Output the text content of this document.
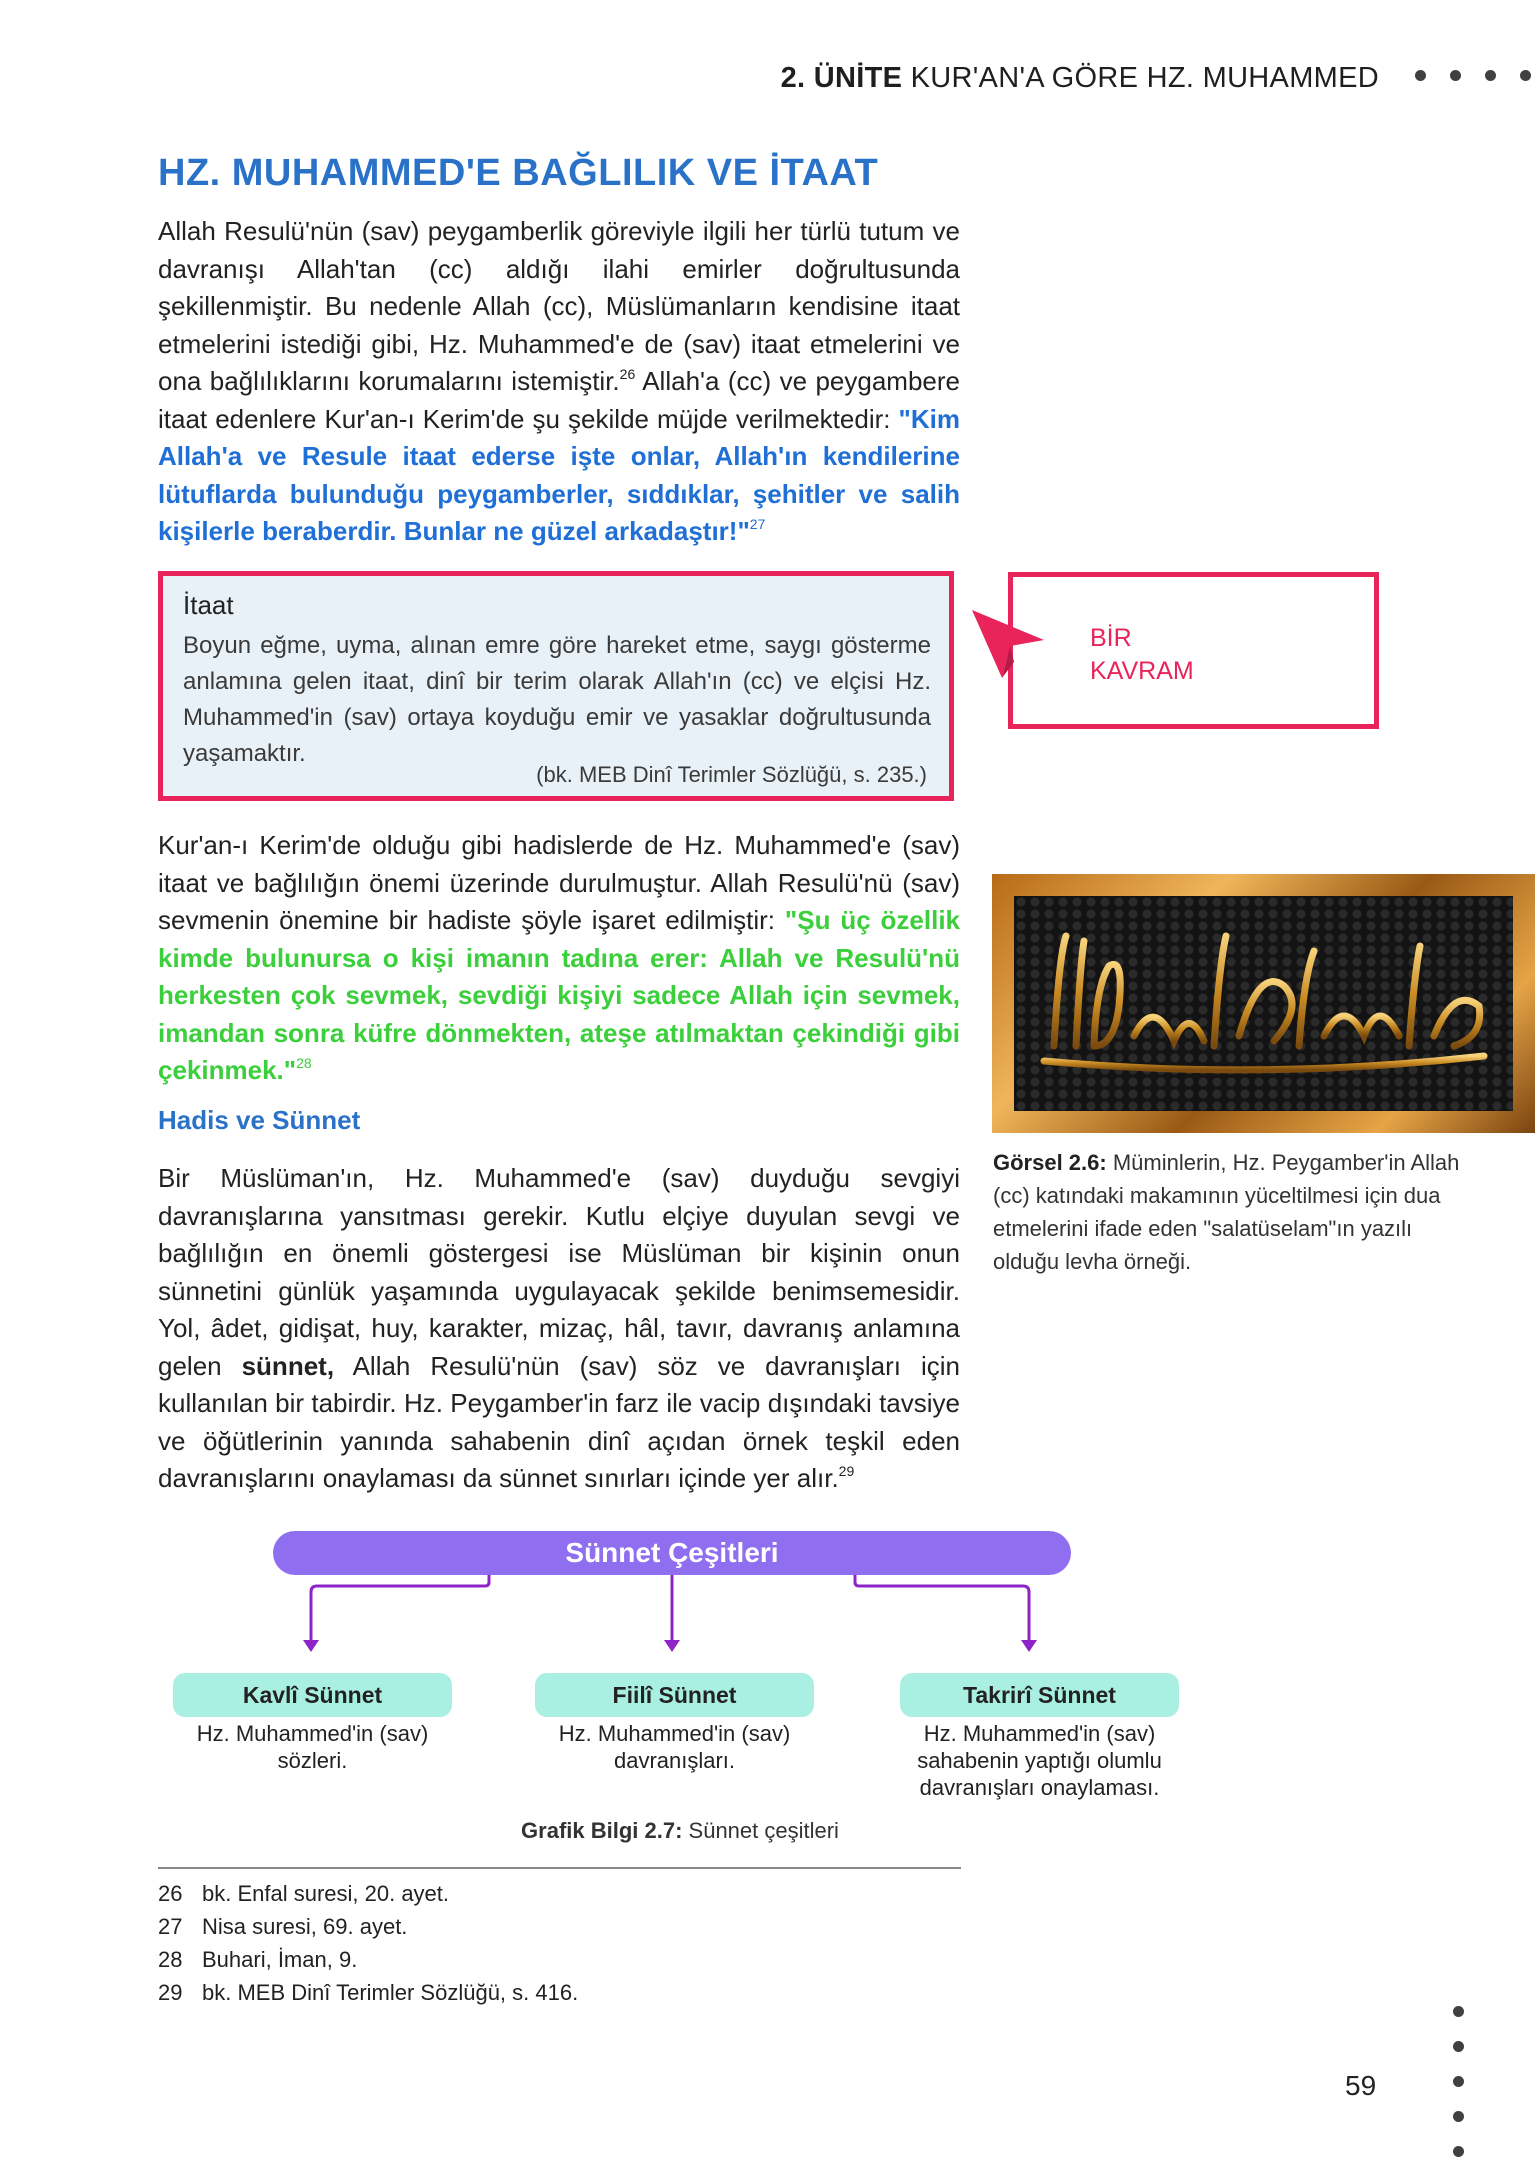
2. ÜNİTE KUR'AN'A GÖRE HZ. MUHAMMED
HZ. MUHAMMED'E BAĞLILIK VE İTAAT

Allah Resulü'nün (sav) peygamberlik göreviyle ilgili her türlü tutum ve davranışı Allah'tan (cc) aldığı ilahi emirler doğrultusunda şekillenmiştir. Bu nedenle Allah (cc), Müslümanların kendisine itaat etmelerini istediği gibi, Hz. Muhammed'e de (sav) itaat etmelerini ve ona bağlılıklarını korumalarını istemiştir.$^{26}$ Allah'a (cc) ve peygambere itaat edenlere Kur'an-ı Kerim'de şu şekilde müjde verilmektedir: "Kim Allah'a ve Resule itaat ederse işte onlar, Allah'ın kendilerine lütuflarda bulunduğu peygamberler, sıddıklar, şehitler ve salih kişilerle beraberdir. Bunlar ne güzel arkadaştır!"$^{27}$

İtaat
Boyun eğme, uyma, alınan emre göre hareket etme, saygı gösterme anlamına gelen itaat, dinî bir terim olarak Allah'ın (cc) ve elçisi Hz. Muhammed'in (sav) ortaya koyduğu emir ve yasaklar doğrultusunda yaşamaktır.
(bk. MEB Dinî Terimler Sözlüğü, s. 235.)
BİR
KAVRAM

Kur'an-ı Kerim'de olduğu gibi hadislerde de Hz. Muhammed'e (sav) itaat ve bağlılığın önemi üzerinde durulmuştur. Allah Resulü'nü (sav) sevmenin önemine bir hadiste şöyle işaret edilmiştir: "Şu üç özellik kimde bulunursa o kişi imanın tadına erer: Allah ve Resulü'nü herkesten çok sevmek, sevdiği kişiyi sadece Allah için sevmek, imandan sonra küfre dönmekten, ateşe atılmaktan çekindiği gibi çekinmek."$^{28}$

Görsel 2.6: Müminlerin, Hz. Peygamber'in Allah (cc) katındaki makamının yüceltilmesi için dua etmelerini ifade eden "salatüselam"ın yazılı olduğu levha örneği.
Hadis ve Sünnet

Bir Müslüman'ın, Hz. Muhammed'e (sav) duyduğu sevgiyi davranışlarına yansıtması gerekir. Kutlu elçiye duyulan sevgi ve bağlılığın en önemli göstergesi ise Müslüman bir kişinin onun sünnetini günlük yaşamında uygulayacak şekilde benimsemesidir. Yol, âdet, gidişat, huy, karakter, mizaç, hâl, tavır, davranış anlamına gelen sünnet, Allah Resulü'nün (sav) söz ve davranışları için kullanılan bir tabirdir. Hz. Peygamber'in farz ile vacip dışındaki tavsiye ve öğütlerinin yanında sahabenin dinî açıdan örnek teşkil eden davranışlarını onaylaması da sünnet sınırları içinde yer alır.$^{29}$

Sünnet Çeşitleri
Kavlî Sünnet
Hz. Muhammed'in (sav) sözleri.
Fiilî Sünnet
Hz. Muhammed'in (sav) davranışları.
Takrirî Sünnet
Hz. Muhammed'in (sav) sahabenin yaptığı olumlu davranışları onaylaması.
Grafik Bilgi 2.7: Sünnet çeşitleri
26 bk. Enfal suresi, 20. ayet.
27 Nisa suresi, 69. ayet.
28 Buhari, İman, 9.
29 bk. MEB Dinî Terimler Sözlüğü, s. 416.
59
